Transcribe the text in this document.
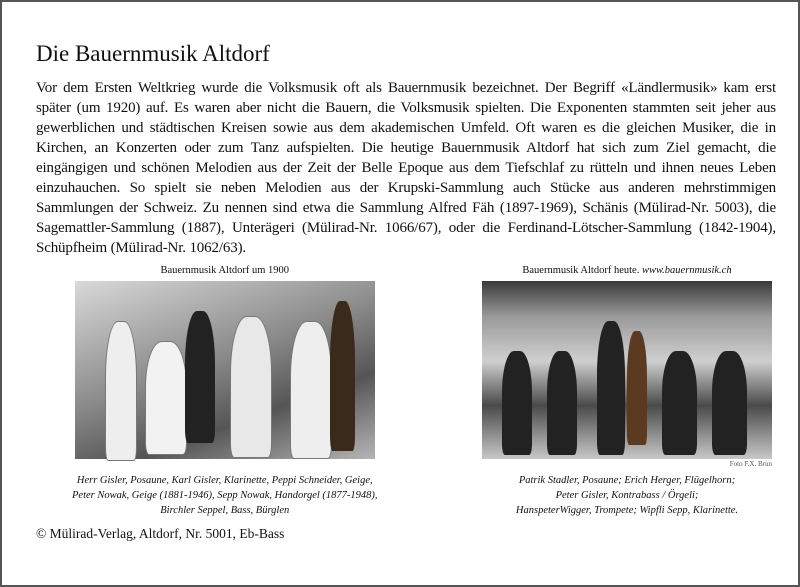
Die Bauernmusik Altdorf

Vor dem Ersten Weltkrieg wurde die Volksmusik oft als Bauernmusik bezeichnet. Der Begriff «Ländlermusik» kam erst später (um 1920) auf. Es waren aber nicht die Bauern, die Volksmusik spielten. Die Exponenten stammten seit jeher aus gewerblichen und städtischen Kreisen sowie aus dem akademischen Umfeld. Oft waren es die gleichen Musiker, die in Kirchen, an Konzerten oder zum Tanz aufspielten. Die heutige Bauernmusik Altdorf hat sich zum Ziel gemacht, die eingängigen und schönen Melodien aus der Zeit der Belle Epoque aus dem Tiefschlaf zu rütteln und ihnen neues Leben einzuhauchen. So spielt sie neben Melodien aus der Krupski-Sammlung auch Stücke aus anderen mehrstimmigen Sammlungen der Schweiz. Zu nennen sind etwa die Sammlung Alfred Fäh (1897-1969), Schänis (Mülirad-Nr. 5003), die Sagemattler-Sammlung (1887), Unterägeri (Mülirad-Nr. 1066/67), oder die Ferdinand-Lötscher-Sammlung (1842-1904), Schüpfheim (Mülirad-Nr. 1062/63).

Bauernmusik Altdorf um 1900
Herr Gisler, Posaune, Karl Gisler, Klarinette, Peppi Schneider, Geige,
Peter Nowak, Geige (1881-1946), Sepp Nowak, Handorgel (1877-1948),
Birchler Seppel, Bass, Bürglen
Bauernmusik Altdorf heute. www.bauernmusik.ch
Foto F.X. Brun
Patrik Stadler, Posaune; Erich Herger, Flügelhorn;
Peter Gisler, Kontrabass / Örgeli;
HanspeterWigger, Trompete; Wipfli Sepp, Klarinette.
© Mülirad-Verlag, Altdorf, Nr. 5001, Eb-Bass
